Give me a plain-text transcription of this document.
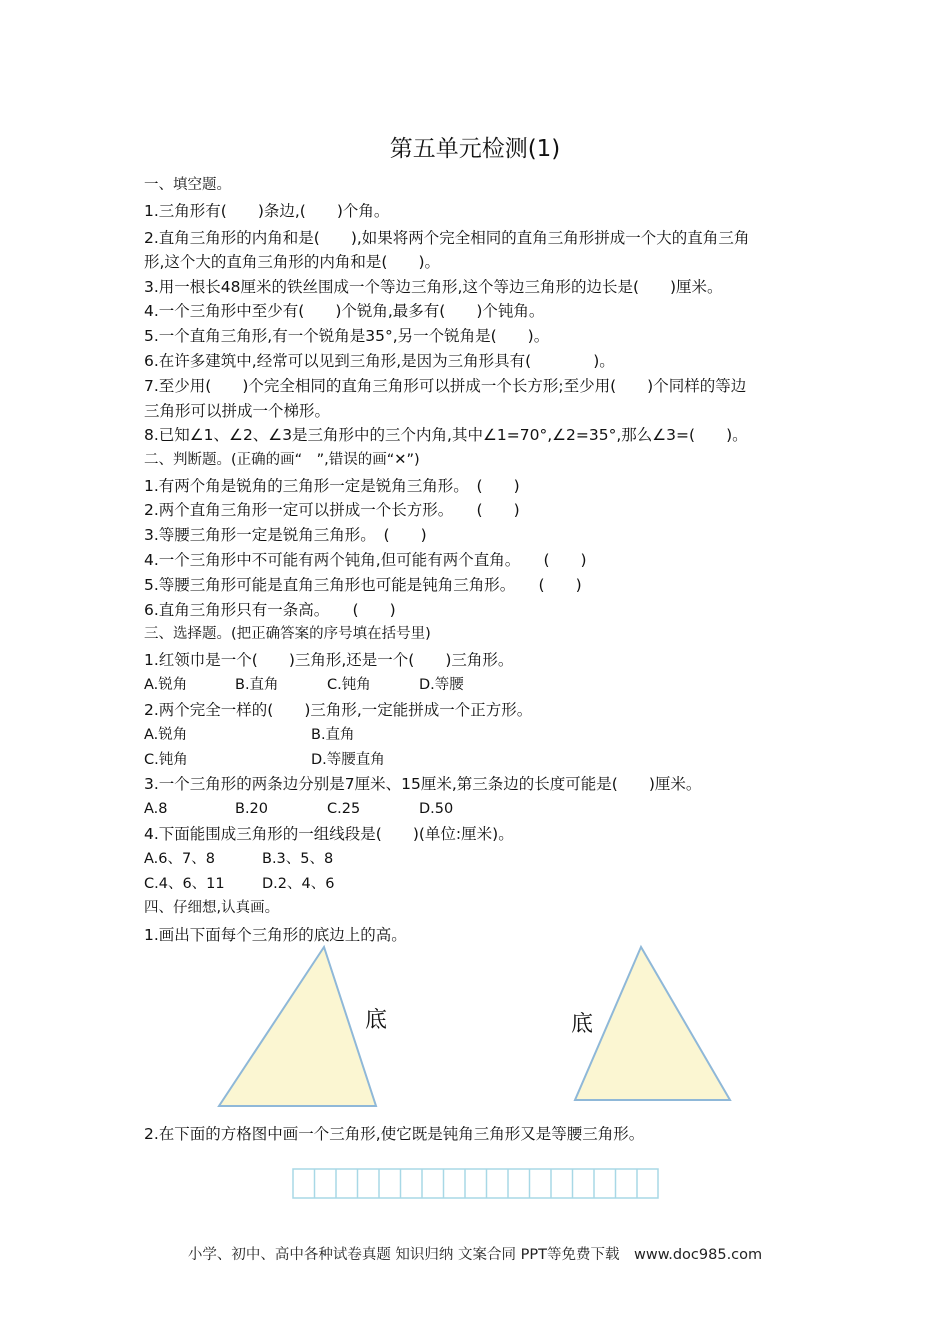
第五单元检测(1)
一、填空题。
1.三角形有(　　)条边,(　　)个角。
2.直角三角形的内角和是(　　),如果将两个完全相同的直角三角形拼成一个大的直角三角
形,这个大的直角三角形的内角和是(　　)。
3.用一根长48厘米的铁丝围成一个等边三角形,这个等边三角形的边长是(　　)厘米。
4.一个三角形中至少有(　　)个锐角,最多有(　　)个钝角。
5.一个直角三角形,有一个锐角是35°,另一个锐角是(　　)。
6.在许多建筑中,经常可以见到三角形,是因为三角形具有(　　　　)。
7.至少用(　　)个完全相同的直角三角形可以拼成一个长方形;至少用(　　)个同样的等边
三角形可以拼成一个梯形。
8.已知∠1、∠2、∠3是三角形中的三个内角,其中∠1=70°,∠2=35°,那么∠3=(　　)。
二、判断题。(正确的画“　”,错误的画“✕”)
1.有两个角是锐角的三角形一定是锐角三角形。　(　　)
2.两个直角三角形一定可以拼成一个长方形。　　(　　)
3.等腰三角形一定是锐角三角形。　(　　)
4.一个三角形中不可能有两个钝角,但可能有两个直角。　　(　　)
5.等腰三角形可能是直角三角形也可能是钝角三角形。　　(　　)
6.直角三角形只有一条高。　　(　　)
三、选择题。(把正确答案的序号填在括号里)
1.红领巾是一个(　　)三角形,还是一个(　　)三角形。
A.锐角	B.直角	C.钝角	D.等腰
2.两个完全一样的(　　)三角形,一定能拼成一个正方形。
A.锐角	B.直角
C.钝角	D.等腰直角
3.一个三角形的两条边分别是7厘米、15厘米,第三条边的长度可能是(　　)厘米。
A.8	B.20	C.25	D.50
4.下面能围成三角形的一组线段是(　　)(单位:厘米)。
A.6、7、8	B.3、5、8
C.4、6、11	D.2、4、6
四、仔细想,认真画。
1.画出下面每个三角形的底边上的高。
底	底
2.在下面的方格图中画一个三角形,使它既是钝角三角形又是等腰三角形。
小学、初中、高中各种试卷真题 知识归纳 文案合同 PPT等免费下载　www.doc985.com
